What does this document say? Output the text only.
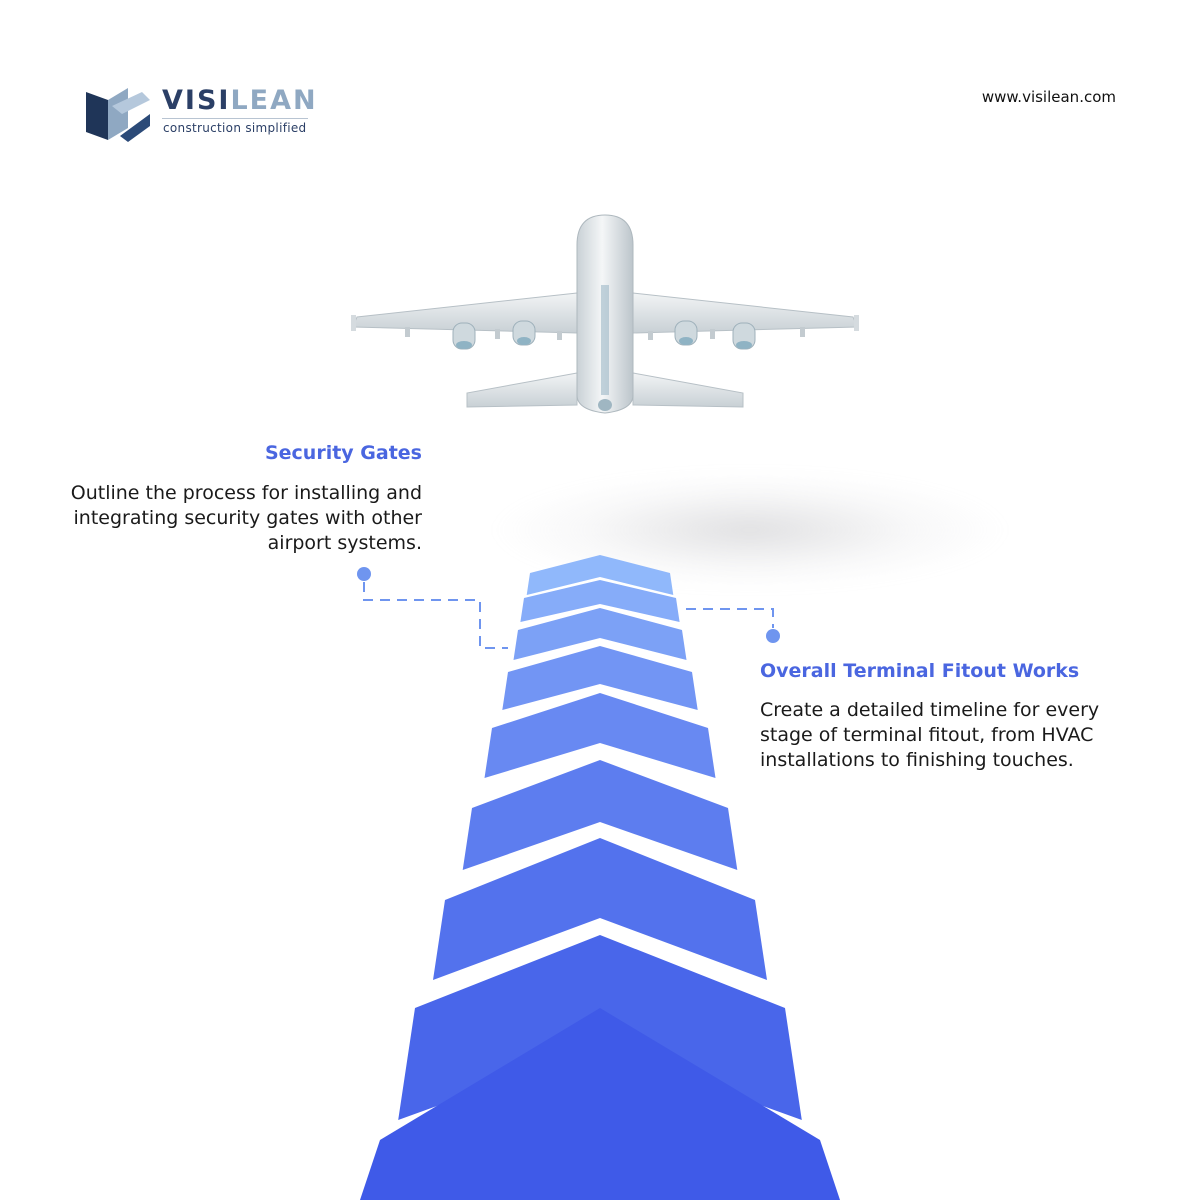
VISILEAN
construction simplified
www.visilean.com
Security Gates
Outline the process for installing and integrating security gates with other airport systems.
Overall Terminal Fitout Works
Create a detailed timeline for every stage of terminal fitout, from HVAC installations to finishing touches.
